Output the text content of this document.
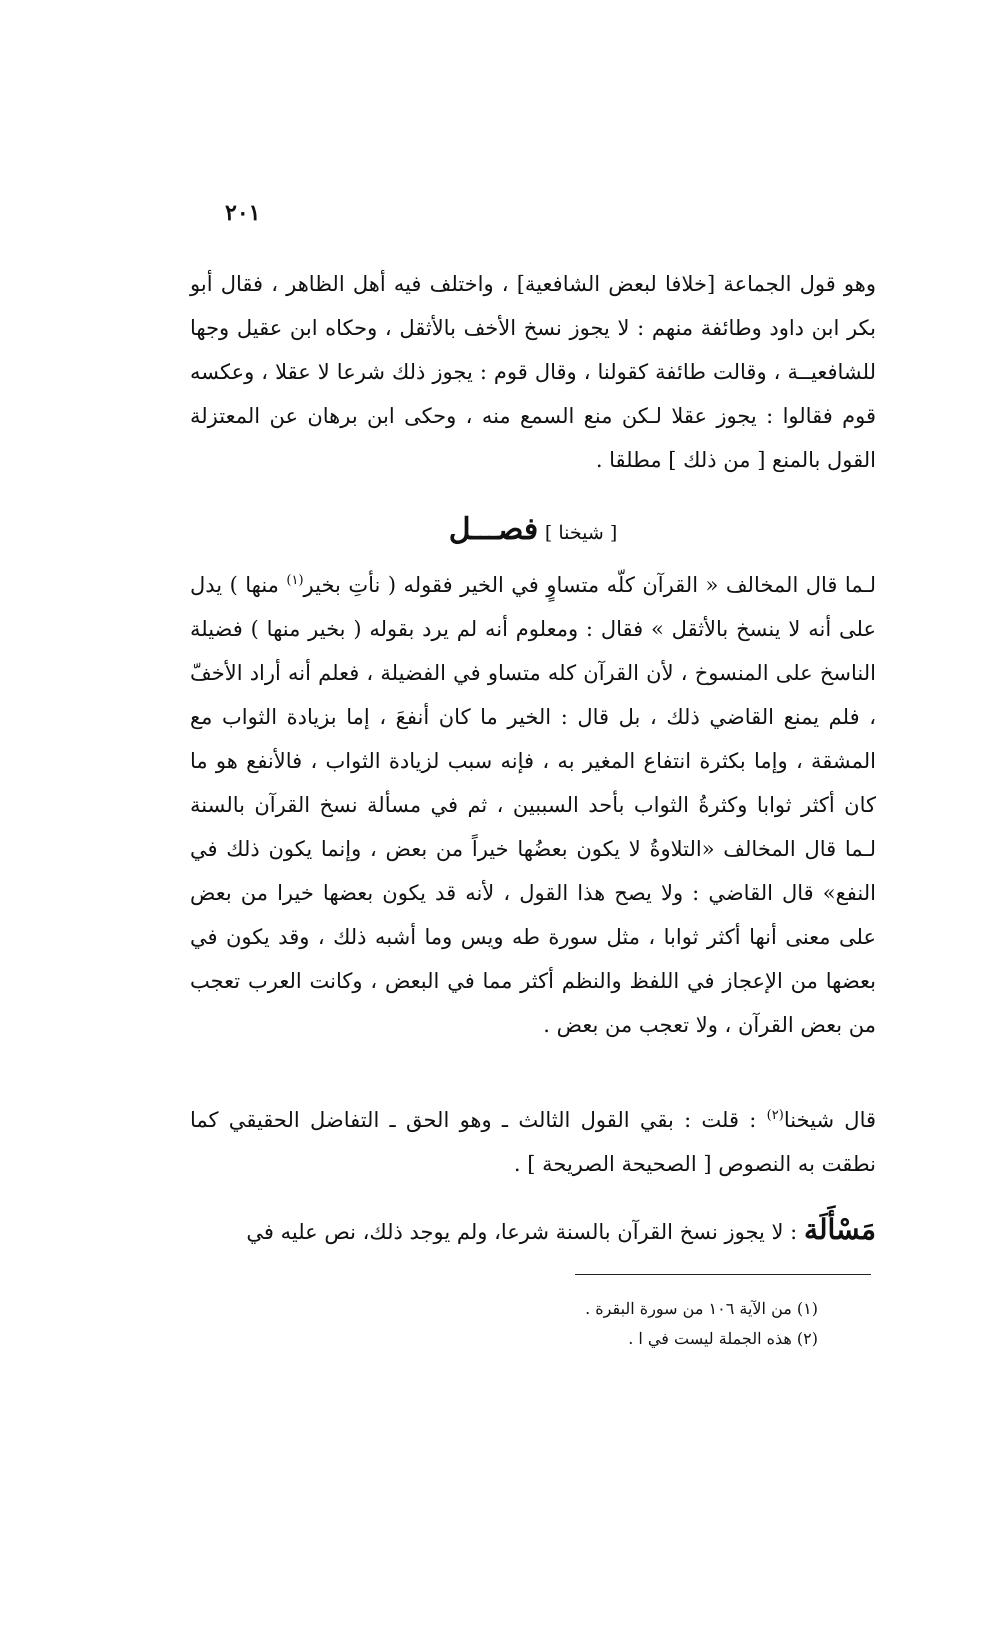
٢٠١

وهو قول الجماعة [خلافا لبعض الشافعية] ، واختلف فيه أهل الظاهر ، فقال أبو بكر ابن داود وطائفة منهم : لا يجوز نسخ الأخف بالأثقل ، وحكاه ابن عقيل وجها للشافعيــة ، وقالت طائفة كقولنا ، وقال قوم : يجوز ذلك شرعا لا عقلا ، وعكسه قوم فقالوا : يجوز عقلا لـكن منع السمع منه ، وحكى ابن برهان عن المعتزلة القول بالمنع [ من ذلك ] مطلقا .

[ شيخنا ] فصـــل

لـما قال المخالف « القرآن كلّه متساوٍ في الخير فقوله ( نأتِ بخير$^{(١)}$ منها ) يدل على أنه لا ينسخ بالأثقل » فقال : ومعلوم أنه لم يرد بقوله ( بخير منها ) فضيلة الناسخ على المنسوخ ، لأن القرآن كله متساو في الفضيلة ، فعلم أنه أراد الأخفّ ، فلم يمنع القاضي ذلك ، بل قال : الخير ما كان أنفعَ ، إما بزيادة الثواب مع المشقة ، وإما بكثرة انتفاع المغير به ، فإنه سبب لزيادة الثواب ، فالأنفع هو ما كان أكثر ثوابا وكثرةُ الثواب بأحد السببين ، ثم في مسألة نسخ القرآن بالسنة لـما قال المخالف «التلاوةُ لا يكون بعضُها خيراً من بعض ، وإنما يكون ذلك في النفع» قال القاضي : ولا يصح هذا القول ، لأنه قد يكون بعضها خيرا من بعض على معنى أنها أكثر ثوابا ، مثل سورة طه ويس وما أشبه ذلك ، وقد يكون في بعضها من الإعجاز في اللفظ والنظم أكثر مما في البعض ، وكانت العرب تعجب من بعض القرآن ، ولا تعجب من بعض .

قال شيخنا$^{(٢)}$ : قلت : بقي القول الثالث ـ وهو الحق ـ التفاضل الحقيقي كما نطقت به النصوص [ الصحيحة الصريحة ] .

مَسْأَلَة : لا يجوز نسخ القرآن بالسنة شرعا، ولم يوجد ذلك، نص عليه في
(١) من الآية ١٠٦ من سورة البقرة .
(٢) هذه الجملة ليست في ا .
